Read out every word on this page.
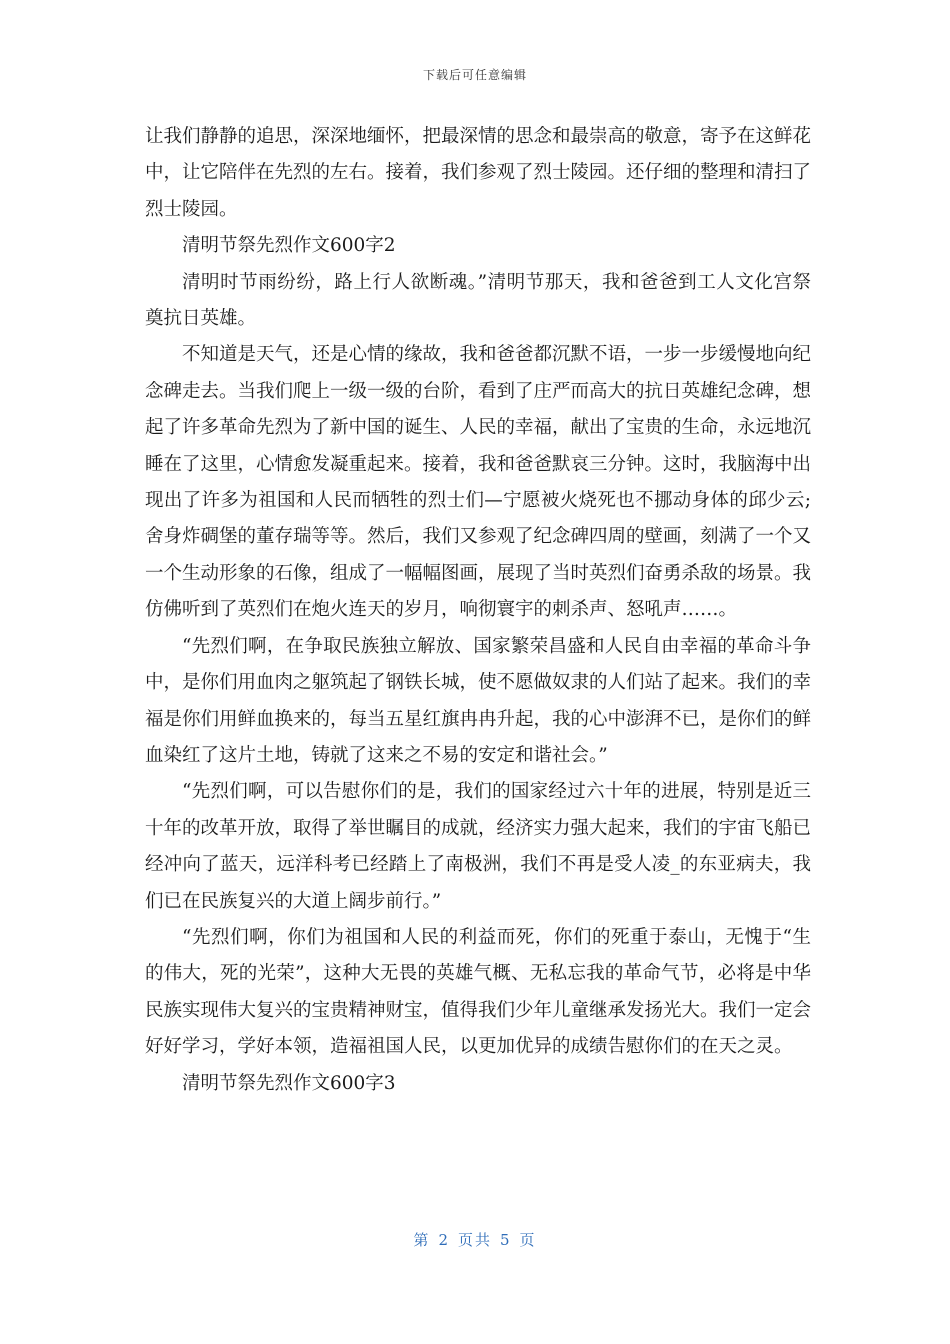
下载后可任意编辑

让我们静静的追思，深深地缅怀，把最深情的思念和最崇高的敬意，寄予在这鲜花中，让它陪伴在先烈的左右。接着，我们参观了烈士陵园。还仔细的整理和清扫了烈士陵园。

清明节祭先烈作文600字2

清明时节雨纷纷，路上行人欲断魂。”清明节那天，我和爸爸到工人文化宫祭奠抗日英雄。

不知道是天气，还是心情的缘故，我和爸爸都沉默不语，一步一步缓慢地向纪念碑走去。当我们爬上一级一级的台阶，看到了庄严而高大的抗日英雄纪念碑，想起了许多革命先烈为了新中国的诞生、人民的幸福，献出了宝贵的生命，永远地沉睡在了这里，心情愈发凝重起来。接着，我和爸爸默哀三分钟。这时，我脑海中出现出了许多为祖国和人民而牺牲的烈士们—宁愿被火烧死也不挪动身体的邱少云;舍身炸碉堡的董存瑞等等。然后，我们又参观了纪念碑四周的壁画，刻满了一个又一个生动形象的石像，组成了一幅幅图画，展现了当时英烈们奋勇杀敌的场景。我仿佛听到了英烈们在炮火连天的岁月，响彻寰宇的刺杀声、怒吼声……。

“先烈们啊，在争取民族独立解放、国家繁荣昌盛和人民自由幸福的革命斗争中，是你们用血肉之躯筑起了钢铁长城，使不愿做奴隶的人们站了起来。我们的幸福是你们用鲜血换来的，每当五星红旗冉冉升起，我的心中澎湃不已，是你们的鲜血染红了这片土地，铸就了这来之不易的安定和谐社会。”

“先烈们啊，可以告慰你们的是，我们的国家经过六十年的进展，特别是近三十年的改革开放，取得了举世瞩目的成就，经济实力强大起来，我们的宇宙飞船已经冲向了蓝天，远洋科考已经踏上了南极洲，我们不再是受人凌_的东亚病夫，我们已在民族复兴的大道上阔步前行。”

“先烈们啊，你们为祖国和人民的利益而死，你们的死重于泰山，无愧于“生的伟大，死的光荣”，这种大无畏的英雄气概、无私忘我的革命气节，必将是中华民族实现伟大复兴的宝贵精神财宝，值得我们少年儿童继承发扬光大。我们一定会好好学习，学好本领，造福祖国人民，以更加优异的成绩告慰你们的在天之灵。

清明节祭先烈作文600字3

第 2 页共 5 页
